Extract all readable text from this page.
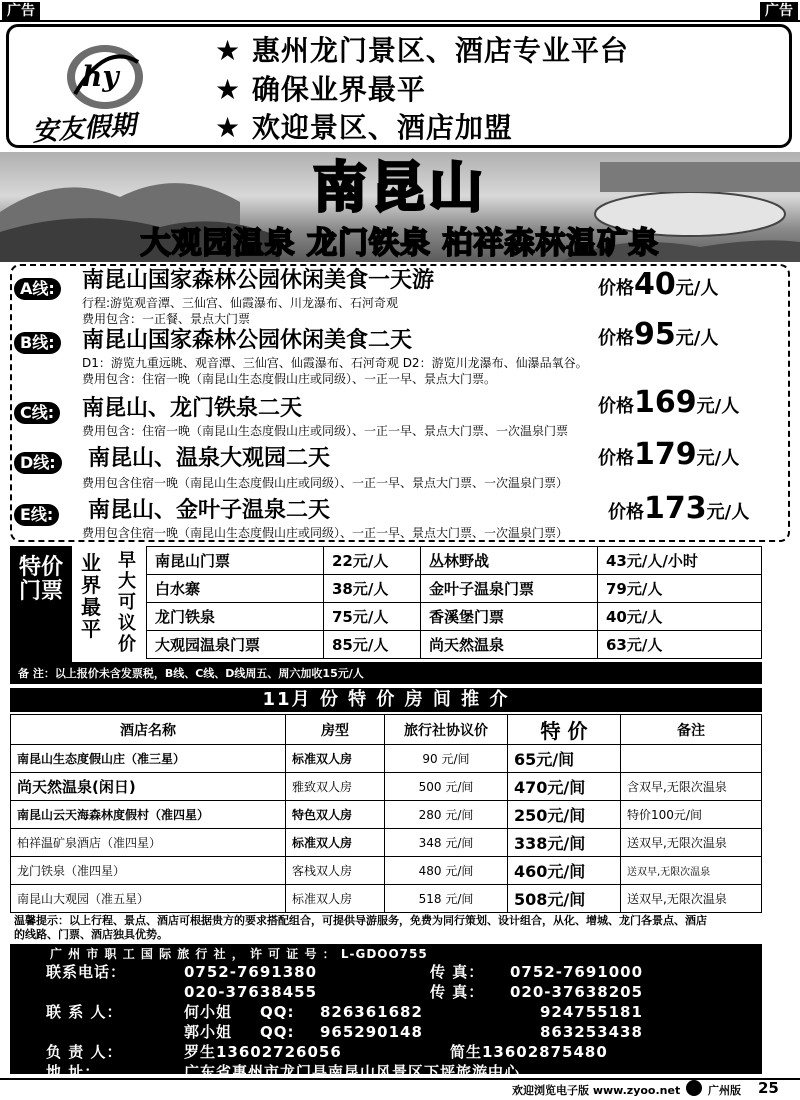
广告	广告
hy
安友假期
★ 惠州龙门景区、酒店专业平台
★ 确保业界最平
★ 欢迎景区、酒店加盟
南昆山
大观园温泉 龙门铁泉 柏祥森林温矿泉
A线: 南昆山国家森林公园休闲美食一天游	价格40元/人
行程:游览观音潭、三仙宫、仙霞瀑布、川龙瀑布、石河奇观
费用包含：一正餐、景点大门票
B线: 南昆山国家森林公园休闲美食二天	价格95元/人
D1：游览九重远眺、观音潭、三仙宫、仙霞瀑布、石河奇观 D2：游览川龙瀑布、仙瀑品氧谷。
费用包含：住宿一晚（南昆山生态度假山庄或同级）、一正一早、景点大门票。
C线: 南昆山、龙门铁泉二天	价格169元/人
费用包含：住宿一晚（南昆山生态度假山庄或同级）、一正一早、景点大门票、一次温泉门票
D线: 南昆山、温泉大观园二天	价格179元/人
费用包含住宿一晚（南昆山生态度假山庄或同级）、一正一早、景点大门票、一次温泉门票）
E线: 南昆山、金叶子温泉二天	价格173元/人
费用包含住宿一晚（南昆山生态度假山庄或同级）、一正一早、景点大门票、一次温泉门票）
特价门票
业界最平
早大可议价
南昆山门票	22元/人	丛林野战	43元/人/小时
白水寨	38元/人	金叶子温泉门票	79元/人
龙门铁泉	75元/人	香溪堡门票	40元/人
大观园温泉门票	85元/人	尚天然温泉	63元/人
备 注：以上报价未含发票税，B线、C线、D线周五、周六加收15元/人
11月 份 特 价 房 间 推 介
酒店名称	房型	旅行社协议价	特 价	备注
南昆山生态度假山庄（准三星）	标准双人房	90 元/间	65元/间	
尚天然温泉(闲日)	雅致双人房	500 元/间	470元/间	含双早,无限次温泉
南昆山云天海森林度假村（准四星）	特色双人房	280 元/间	250元/间	特价100元/间
柏祥温矿泉酒店（准四星）	标准双人房	348 元/间	338元/间	送双早,无限次温泉
龙门铁泉（准四星）	客栈双人房	480 元/间	460元/间	送双早,无限次温泉
南昆山大观园（准五星）	标准双人房	518 元/间	508元/间	送双早,无限次温泉
温馨提示：以上行程、景点、酒店可根据贵方的要求搭配组合，可提供导游服务，免费为同行策划、设计组合，从化、增城、龙门各景点、酒店的线路、门票、酒店独具优势。
广 州 市 职 工 国 际 旅 行 社 ， 许 可 证 号 ： L-GDOO755
联系电话：	0752-7691380	传 真： 0752-7691000
020-37638455	传 真： 020-37638205
联 系 人：	何小姐 QQ: 826361682	924755181
郭小姐 QQ: 965290148	863253438
负 责 人：	罗生13602726056	简生13602875480
地 址：	广东省惠州市龙门县南昆山风景区下坪旅游中心
欢迎浏览电子版 www.zyoo.net	广州版 25
